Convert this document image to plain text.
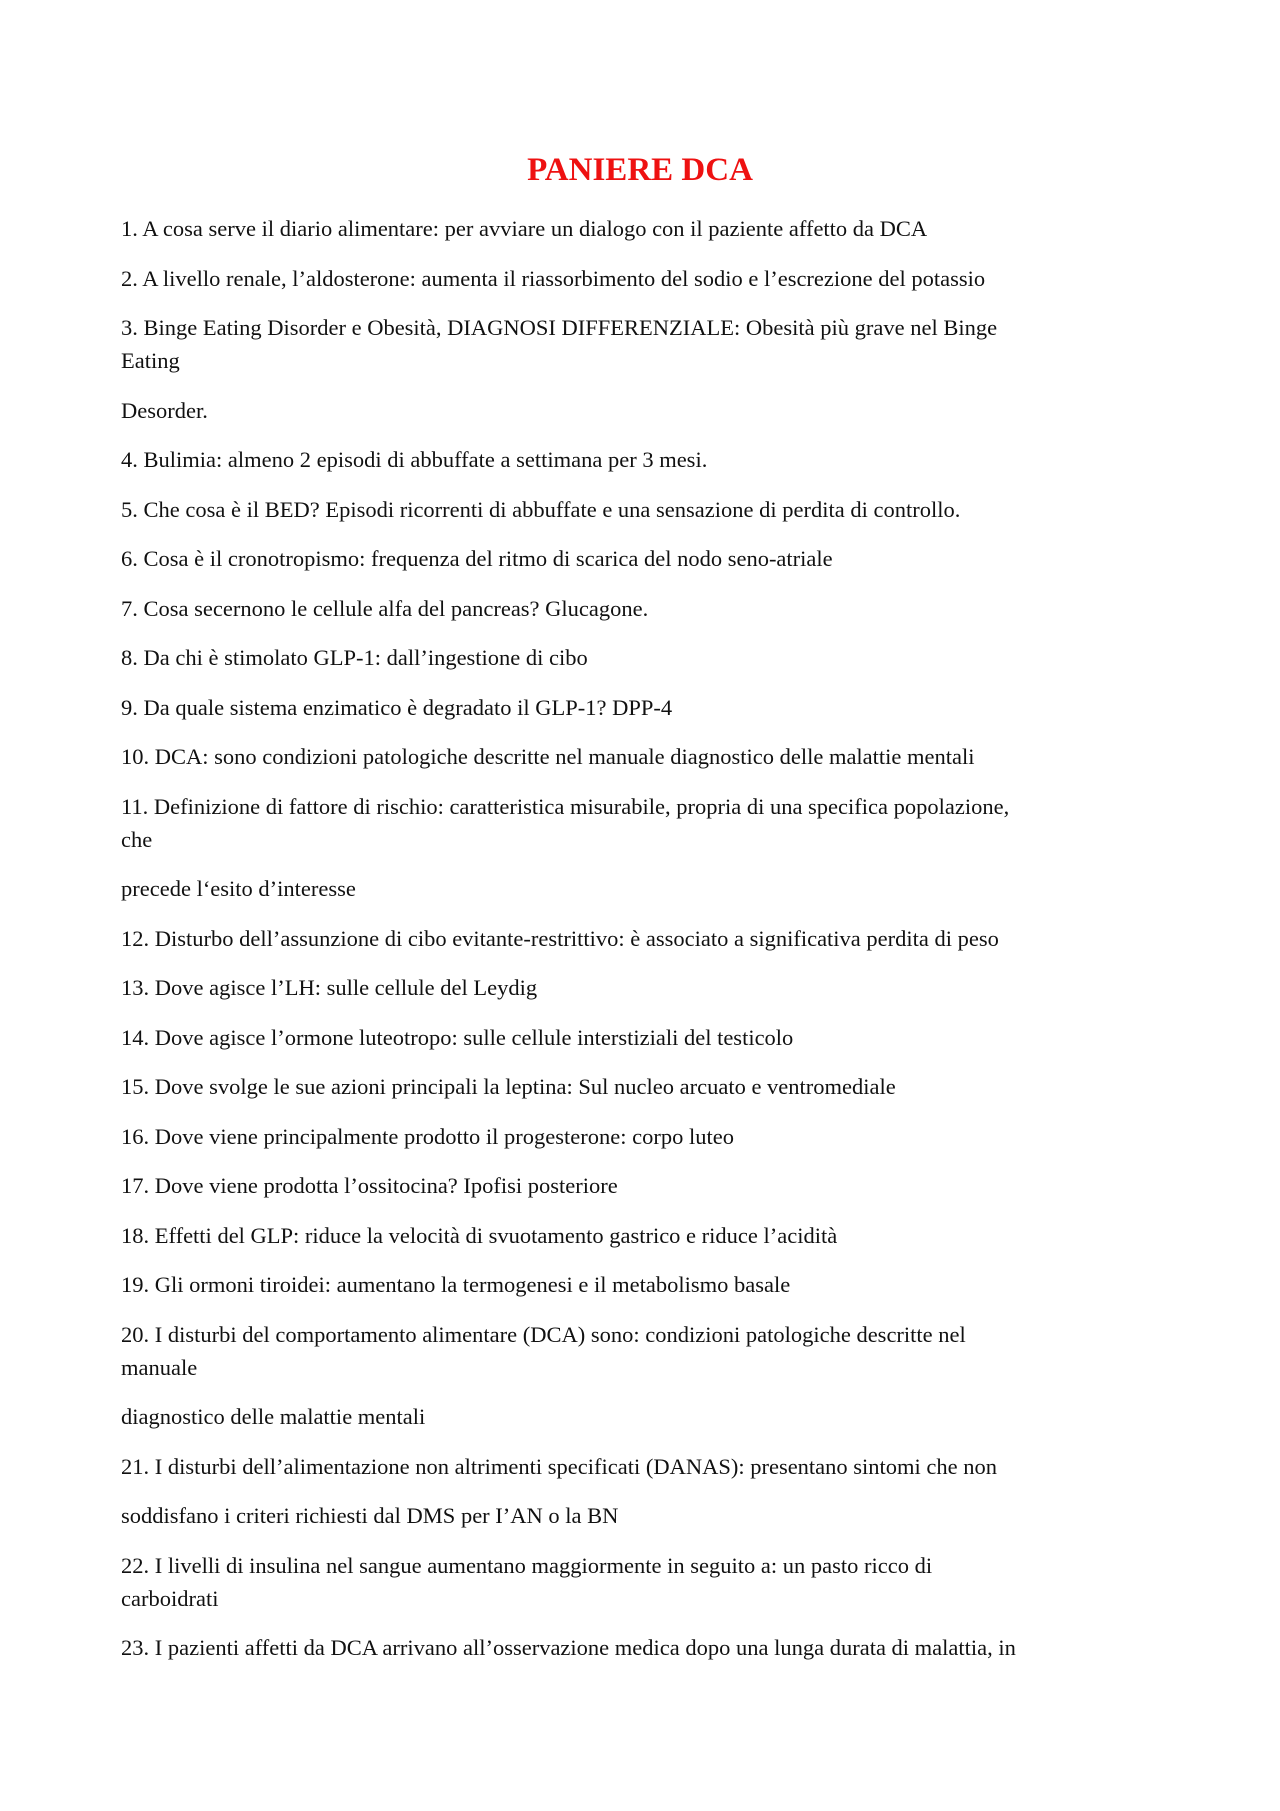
PANIERE DCA
1. A cosa serve il diario alimentare: per avviare un dialogo con il paziente affetto da DCA
2. A livello renale, l’aldosterone: aumenta il riassorbimento del sodio e l’escrezione del potassio
3. Binge Eating Disorder e Obesità, DIAGNOSI DIFFERENZIALE: Obesità più grave nel Binge
Eating
Desorder.
4. Bulimia: almeno 2 episodi di abbuffate a settimana per 3 mesi.
5. Che cosa è il BED? Episodi ricorrenti di abbuffate e una sensazione di perdita di controllo.
6. Cosa è il cronotropismo: frequenza del ritmo di scarica del nodo seno-atriale
7. Cosa secernono le cellule alfa del pancreas? Glucagone.
8. Da chi è stimolato GLP-1: dall’ingestione di cibo
9. Da quale sistema enzimatico è degradato il GLP-1? DPP-4
10. DCA: sono condizioni patologiche descritte nel manuale diagnostico delle malattie mentali
11. Definizione di fattore di rischio: caratteristica misurabile, propria di una specifica popolazione,
che
precede l‘esito d’interesse
12. Disturbo dell’assunzione di cibo evitante-restrittivo: è associato a significativa perdita di peso
13. Dove agisce l’LH: sulle cellule del Leydig
14. Dove agisce l’ormone luteotropo: sulle cellule interstiziali del testicolo
15. Dove svolge le sue azioni principali la leptina: Sul nucleo arcuato e ventromediale
16. Dove viene principalmente prodotto il progesterone: corpo luteo
17. Dove viene prodotta l’ossitocina? Ipofisi posteriore
18. Effetti del GLP: riduce la velocità di svuotamento gastrico e riduce l’acidità
19. Gli ormoni tiroidei: aumentano la termogenesi e il metabolismo basale
20. I disturbi del comportamento alimentare (DCA) sono: condizioni patologiche descritte nel
manuale
diagnostico delle malattie mentali
21. I disturbi dell’alimentazione non altrimenti specificati (DANAS): presentano sintomi che non
soddisfano i criteri richiesti dal DMS per I’AN o la BN
22. I livelli di insulina nel sangue aumentano maggiormente in seguito a: un pasto ricco di
carboidrati
23. I pazienti affetti da DCA arrivano all’osservazione medica dopo una lunga durata di malattia, in
